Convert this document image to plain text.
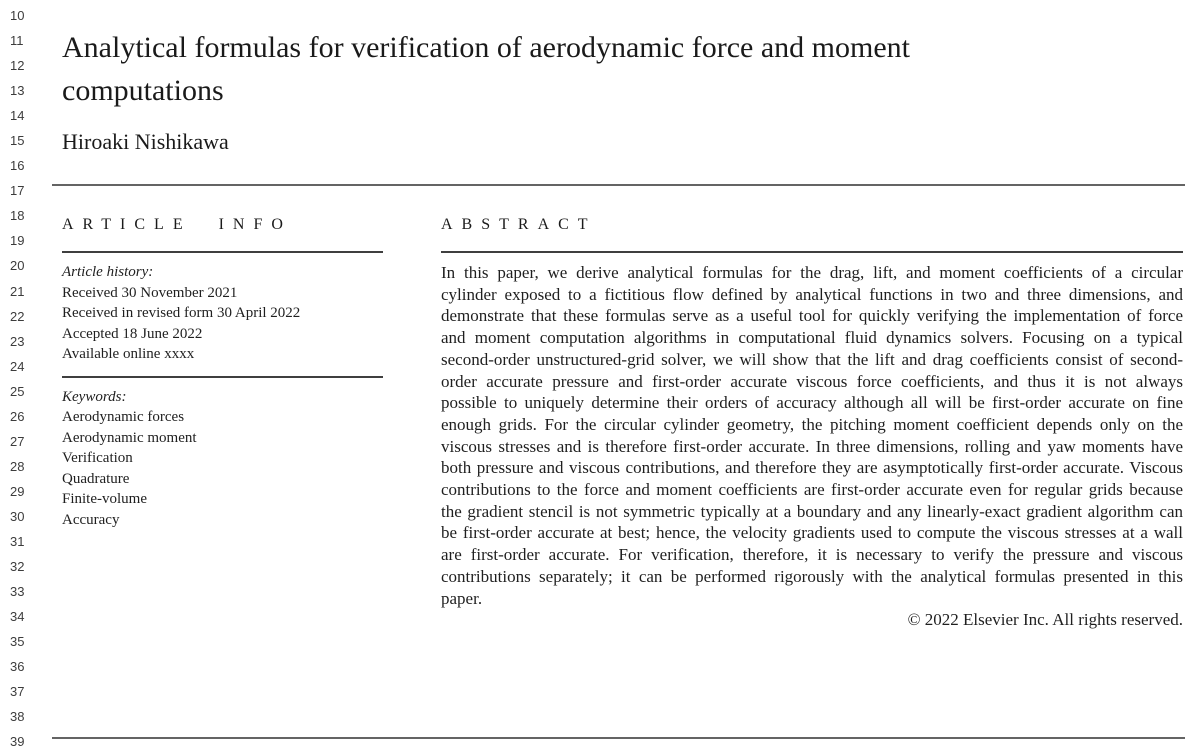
10
11
12
13
14
15
16
17
18
19
20
21
22
23
24
25
26
27
28
29
30
31
32
33
34
35
36
37
38
39
Analytical formulas for verification of aerodynamic force and moment computations
Hiroaki Nishikawa
ARTICLE INFO
Article history:
Received 30 November 2021
Received in revised form 30 April 2022
Accepted 18 June 2022
Available online xxxx
Keywords:
Aerodynamic forces
Aerodynamic moment
Verification
Quadrature
Finite-volume
Accuracy
ABSTRACT

In this paper, we derive analytical formulas for the drag, lift, and moment coefficients of a circular cylinder exposed to a fictitious flow defined by analytical functions in two and three dimensions, and demonstrate that these formulas serve as a useful tool for quickly verifying the implementation of force and moment computation algorithms in computational fluid dynamics solvers. Focusing on a typical second-order unstructured-grid solver, we will show that the lift and drag coefficients consist of second-order accurate pressure and first-order accurate viscous force coefficients, and thus it is not always possible to uniquely determine their orders of accuracy although all will be first-order accurate on fine enough grids. For the circular cylinder geometry, the pitching moment coefficient depends only on the viscous stresses and is therefore first-order accurate. In three dimensions, rolling and yaw moments have both pressure and viscous contributions, and therefore they are asymptotically first-order accurate. Viscous contributions to the force and moment coefficients are first-order accurate even for regular grids because the gradient stencil is not symmetric typically at a boundary and any linearly-exact gradient algorithm can be first-order accurate at best; hence, the velocity gradients used to compute the viscous stresses at a wall are first-order accurate. For verification, therefore, it is necessary to verify the pressure and viscous contributions separately; it can be performed rigorously with the analytical formulas presented in this paper.

© 2022 Elsevier Inc. All rights reserved.
